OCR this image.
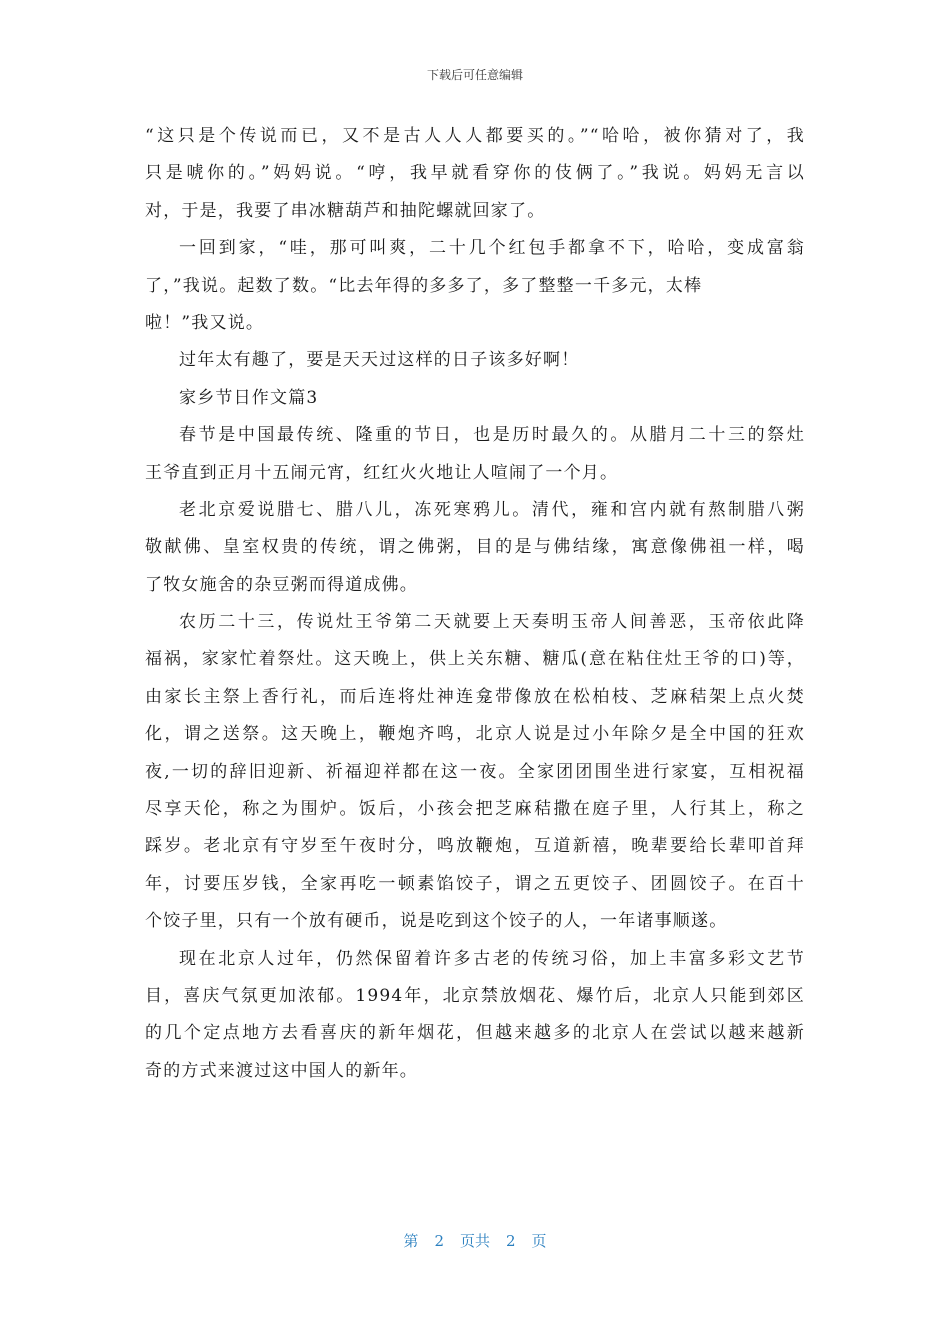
下载后可任意编辑
“这只是个传说而已，又不是古人人人都要买的。”“哈哈，被你猜对了，我
只是唬你的。”妈妈说。“哼，我早就看穿你的伎俩了。”我说。妈妈无言以
对，于是，我要了串冰糖葫芦和抽陀螺就回家了。
一回到家，“哇，那可叫爽，二十几个红包手都拿不下，哈哈，变成富翁
了，”我说。起数了数。“比去年得的多多了，多了整整一千多元，太棒
啦！”我又说。
过年太有趣了，要是天天过这样的日子该多好啊！
家乡节日作文篇3
春节是中国最传统、隆重的节日，也是历时最久的。从腊月二十三的祭灶
王爷直到正月十五闹元宵，红红火火地让人喧闹了一个月。
老北京爱说腊七、腊八儿，冻死寒鸦儿。清代，雍和宫内就有熬制腊八粥
敬献佛、皇室权贵的传统，谓之佛粥，目的是与佛结缘，寓意像佛祖一样，喝
了牧女施舍的杂豆粥而得道成佛。
农历二十三，传说灶王爷第二天就要上天奏明玉帝人间善恶，玉帝依此降
福祸，家家忙着祭灶。这天晚上，供上关东糖、糖瓜(意在粘住灶王爷的口)等，
由家长主祭上香行礼，而后连将灶神连龛带像放在松柏枝、芝麻秸架上点火焚
化，谓之送祭。这天晚上，鞭炮齐鸣，北京人说是过小年除夕是全中国的狂欢
夜,一切的辞旧迎新、祈福迎祥都在这一夜。全家团团围坐进行家宴，互相祝福
尽享天伦，称之为围炉。饭后，小孩会把芝麻秸撒在庭子里，人行其上，称之
踩岁。老北京有守岁至午夜时分，鸣放鞭炮，互道新禧，晚辈要给长辈叩首拜
年，讨要压岁钱，全家再吃一顿素馅饺子，谓之五更饺子、团圆饺子。在百十
个饺子里，只有一个放有硬币，说是吃到这个饺子的人，一年诸事顺遂。
现在北京人过年，仍然保留着许多古老的传统习俗，加上丰富多彩文艺节
目，喜庆气氛更加浓郁。1994年，北京禁放烟花、爆竹后，北京人只能到郊区
的几个定点地方去看喜庆的新年烟花，但越来越多的北京人在尝试以越来越新
奇的方式来渡过这中国人的新年。
第 2 页共 2 页
